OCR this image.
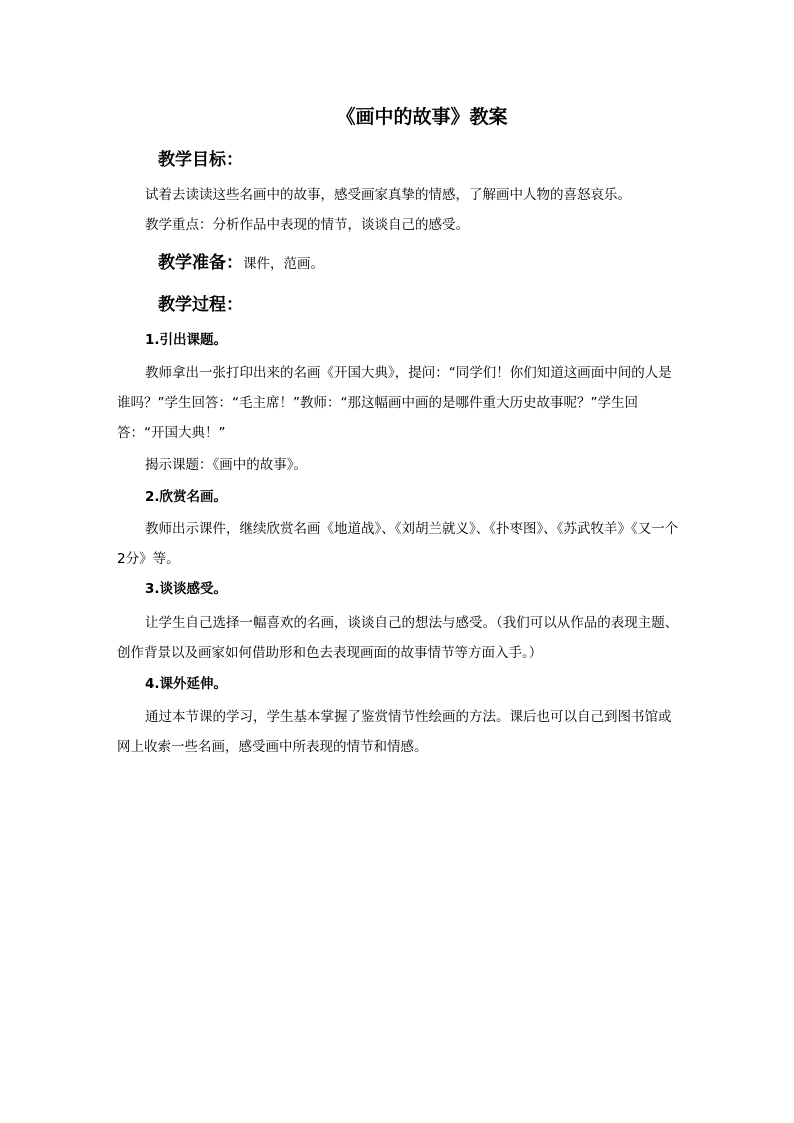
《画中的故事》教案
教学目标：
试着去读读这些名画中的故事，感受画家真挚的情感，了解画中人物的喜怒哀乐。
教学重点：分析作品中表现的情节，谈谈自己的感受。
教学准备：课件，范画。
教学过程：
1.引出课题。
教师拿出一张打印出来的名画《开国大典》，提问：“同学们！你们知道这画面中间的人是谁吗？”学生回答：“毛主席！”教师：“那这幅画中画的是哪件重大历史故事呢？”学生回答：“开国大典！”
揭示课题：《画中的故事》。
2.欣赏名画。
教师出示课件，继续欣赏名画《地道战》、《刘胡兰就义》、《扑枣图》、《苏武牧羊》《又一个2分》等。
3.谈谈感受。
让学生自己选择一幅喜欢的名画，谈谈自己的想法与感受。（我们可以从作品的表现主题、创作背景以及画家如何借助形和色去表现画面的故事情节等方面入手。）
4.课外延伸。
通过本节课的学习，学生基本掌握了鉴赏情节性绘画的方法。课后也可以自己到图书馆或网上收索一些名画，感受画中所表现的情节和情感。
